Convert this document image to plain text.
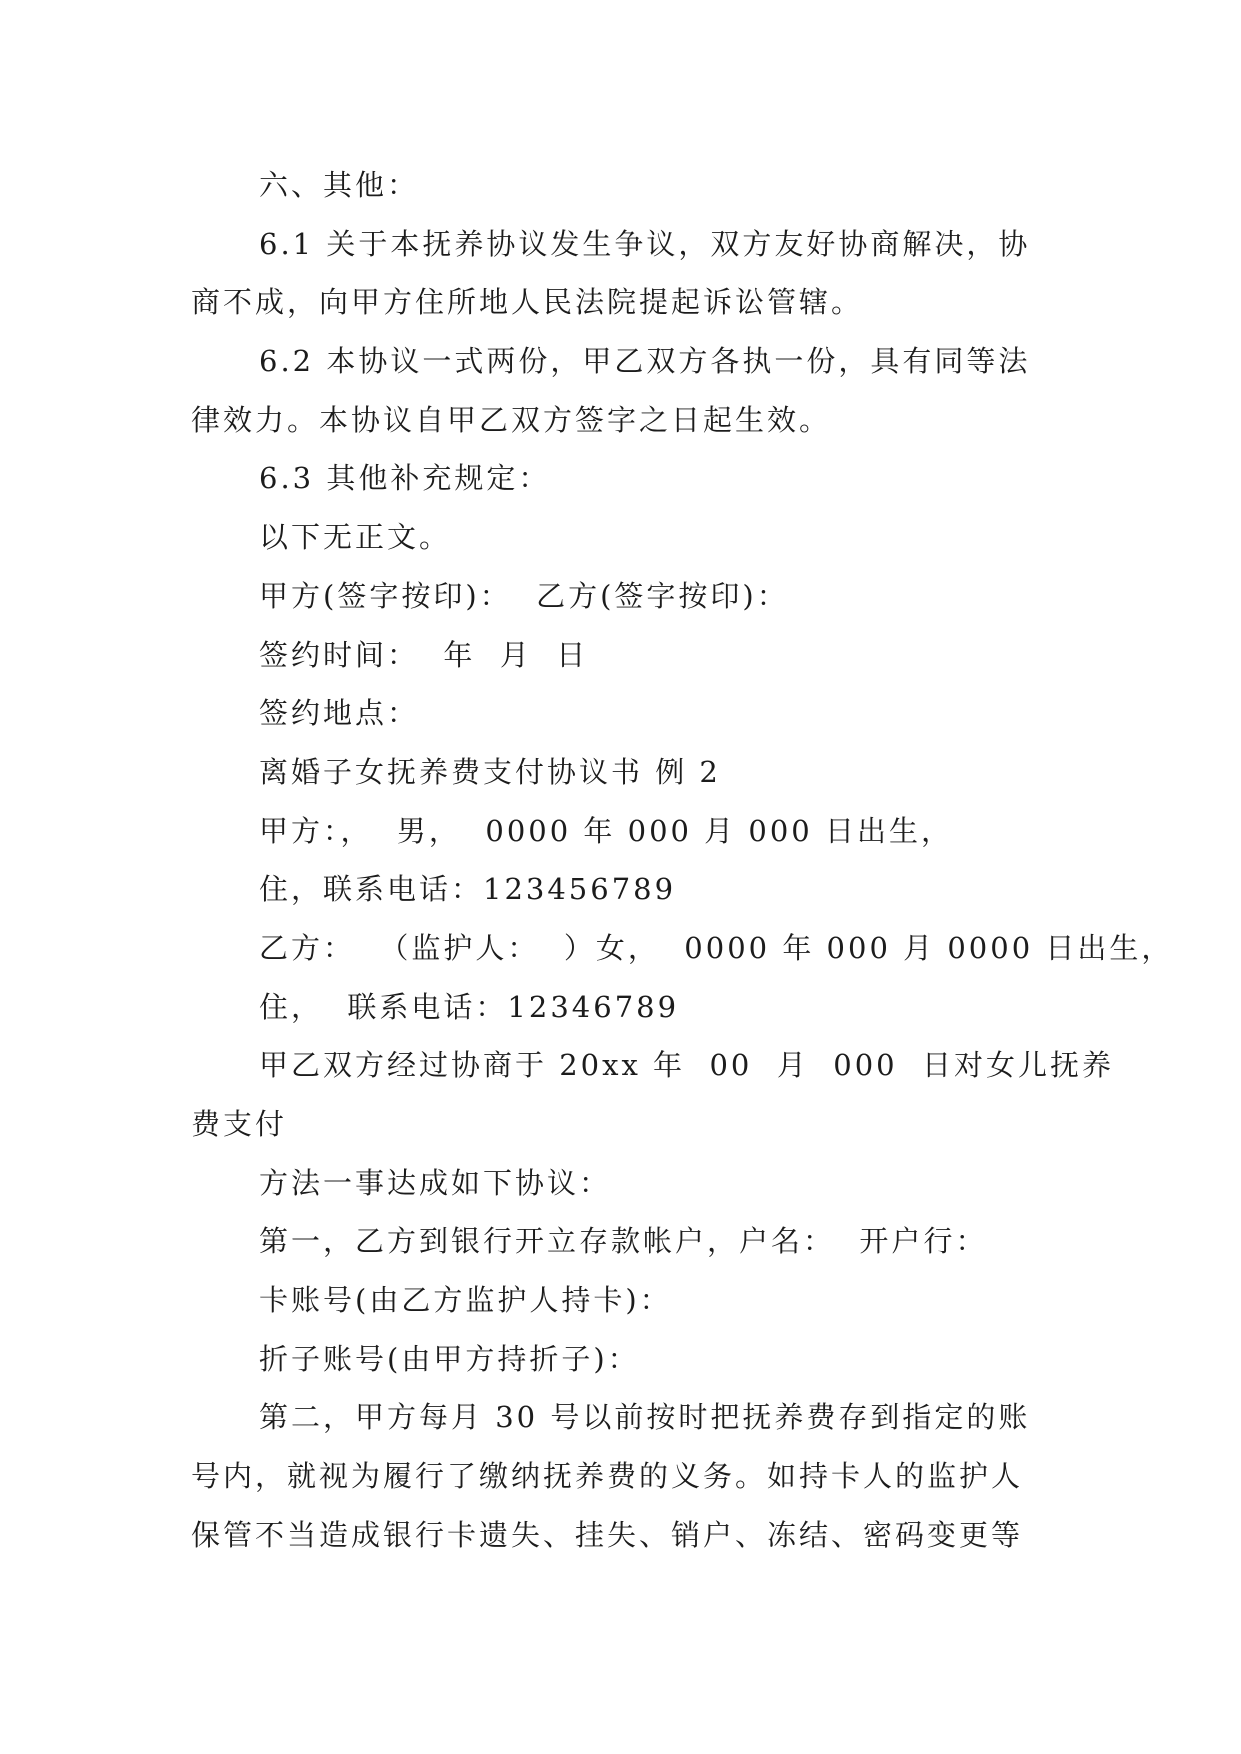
六、其他：
6.1 关于本抚养协议发生争议，双方友好协商解决，协
商不成，向甲方住所地人民法院提起诉讼管辖。
6.2 本协议一式两份，甲乙双方各执一份，具有同等法
律效力。本协议自甲乙双方签字之日起生效。
6.3 其他补充规定：
以下无正文。
甲方(签字按印)：  乙方(签字按印)：
签约时间：  年  月  日
签约地点：
离婚子女抚养费支付协议书 例 2
甲方：，  男，  0000 年 000 月 000 日出生，
住，联系电话：123456789
乙方：  （监护人：  ）女，  0000 年 000 月 0000 日出生，
住，  联系电话：12346789
甲乙双方经过协商于 20xx 年  00  月  000  日对女儿抚养
费支付
方法一事达成如下协议：
第一，乙方到银行开立存款帐户，户名：  开户行：
卡账号(由乙方监护人持卡)：
折子账号(由甲方持折子)：
第二，甲方每月 30 号以前按时把抚养费存到指定的账
号内，就视为履行了缴纳抚养费的义务。如持卡人的监护人
保管不当造成银行卡遗失、挂失、销户、冻结、密码变更等
